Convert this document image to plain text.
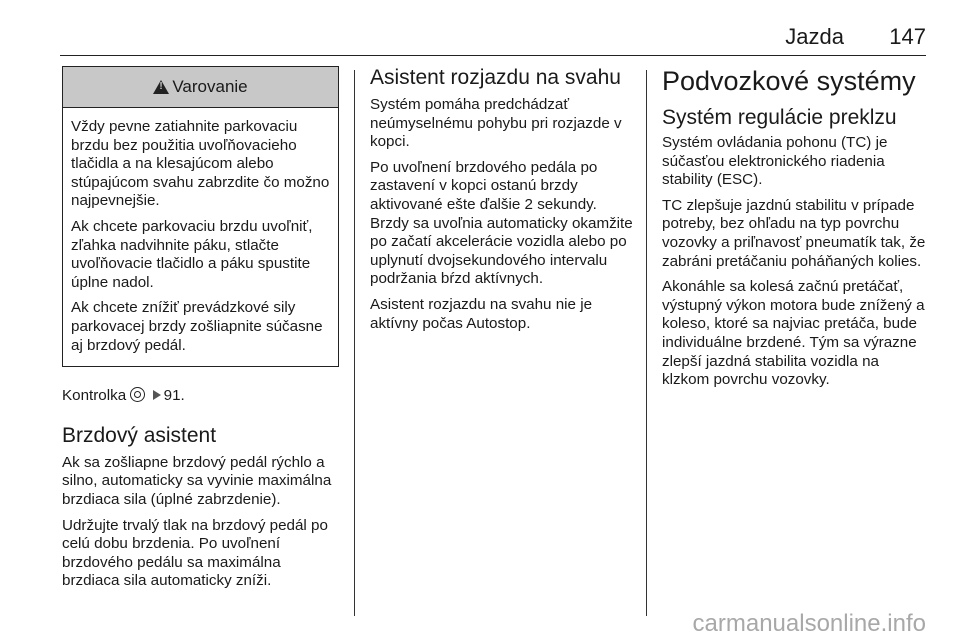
Jazda 147
!
Varovanie

Vždy pevne zatiahnite parkovaciu brzdu bez použitia uvoľňovacieho tlačidla a na klesajúcom alebo stúpajúcom svahu zabrzdite čo možno najpevnejšie.

Ak chcete parkovaciu brzdu uvoľniť, zľahka nadvihnite páku, stlačte uvoľňovacie tlačidlo a páku spustite úplne nadol.

Ak chcete znížiť prevádzkové sily parkovacej brzdy zošliapnite súčasne aj brzdový pedál.

Kontrolka 91.

Brzdový asistent

Ak sa zošliapne brzdový pedál rýchlo a silno, automaticky sa vyvinie maximálna brzdiaca sila (úplné zabrzdenie).

Udržujte trvalý tlak na brzdový pedál po celú dobu brzdenia. Po uvoľnení brzdového pedálu sa maximálna brzdiaca sila automaticky zníži.

Asistent rozjazdu na svahu

Systém pomáha predchádzať neúmyselnému pohybu pri rozjazde v kopci.

Po uvoľnení brzdového pedála po zastavení v kopci ostanú brzdy aktivované ešte ďalšie 2 sekundy. Brzdy sa uvoľnia automaticky okamžite po začatí akcelerácie vozidla alebo po uplynutí dvojsekundového intervalu podržania bŕzd aktívnych.

Asistent rozjazdu na svahu nie je aktívny počas Autostop.

Podvozkové systémy
Systém regulácie preklzu

Systém ovládania pohonu (TC) je súčasťou elektronického riadenia stability (ESC).

TC zlepšuje jazdnú stabilitu v prípade potreby, bez ohľadu na typ povrchu vozovky a priľnavosť pneumatík tak, že zabráni pretáčaniu poháňaných kolies.

Akonáhle sa kolesá začnú pretáčať, výstupný výkon motora bude znížený a koleso, ktoré sa najviac pretáča, bude individuálne brzdené. Tým sa výrazne zlepší jazdná stabilita vozidla na klzkom povrchu vozovky.

carmanualsonline.info
